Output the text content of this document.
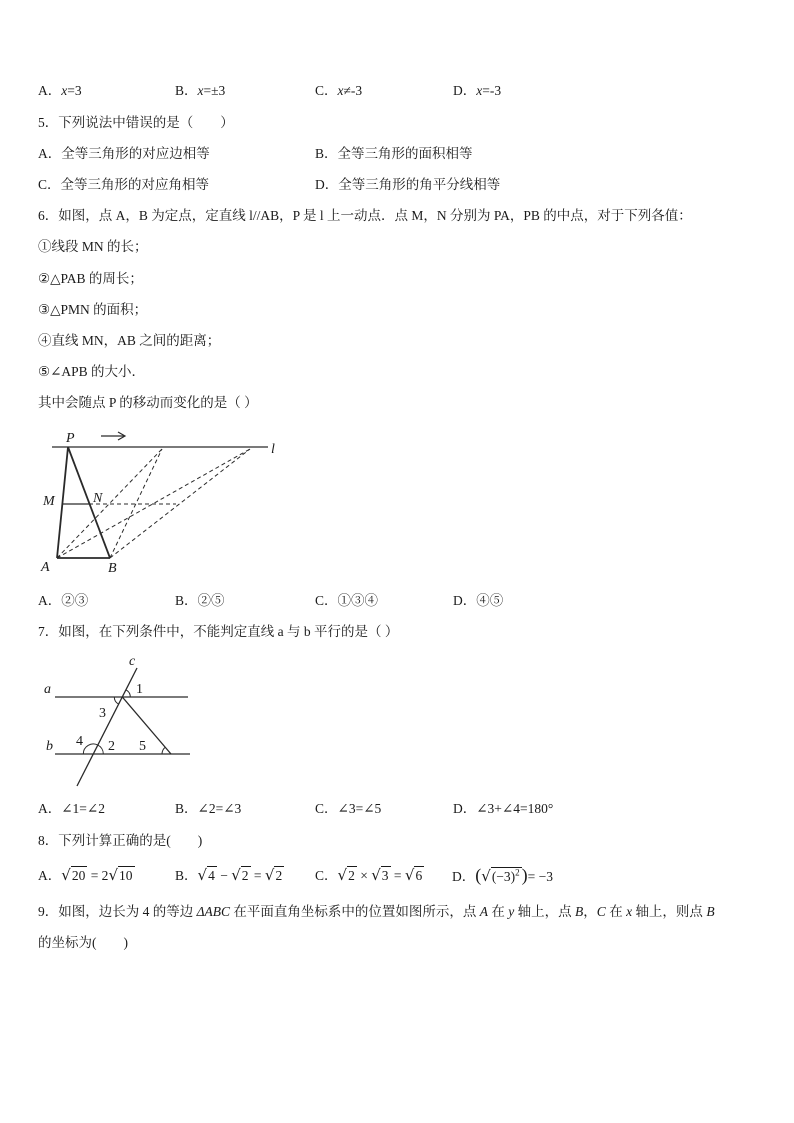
A．x=3	B．x=±3	C．x≠-3	D．x=-3
5．下列说法中错误的是（　　）
A．全等三角形的对应边相等	B．全等三角形的面积相等
C．全等三角形的对应角相等	D．全等三角形的角平分线相等
6．如图，点 A，B 为定点，定直线 l//AB，P 是 l 上一动点．点 M，N 分别为 PA，PB 的中点，对于下列各值：
①线段 MN 的长；
②△PAB 的周长；
③△PMN 的面积；
④直线 MN，AB 之间的距离；
⑤∠APB 的大小．
其中会随点 P 的移动而变化的是（ ）
P
M	N
A	B
l
A．②③	B．②⑤	C．①③④	D．④⑤
7．如图，在下列条件中，不能判定直线 a 与 b 平行的是（ ）
a
b
c
1
2
3
4	5
A．∠1=∠2	B．∠2=∠3	C．∠3=∠5	D．∠3+∠4=180°
8．下列计算正确的是(　　)
A．√20 = 2√10	B．√4 − √2 = √2 C．√2 × √3 = √6 D．($√(-3)^2$ )= −3
9．如图，边长为 4 的等边 ΔABC 在平面直角坐标系中的位置如图所示，点 A 在 y 轴上，点 B，C 在 x 轴上，则点 B
的坐标为(　　)
